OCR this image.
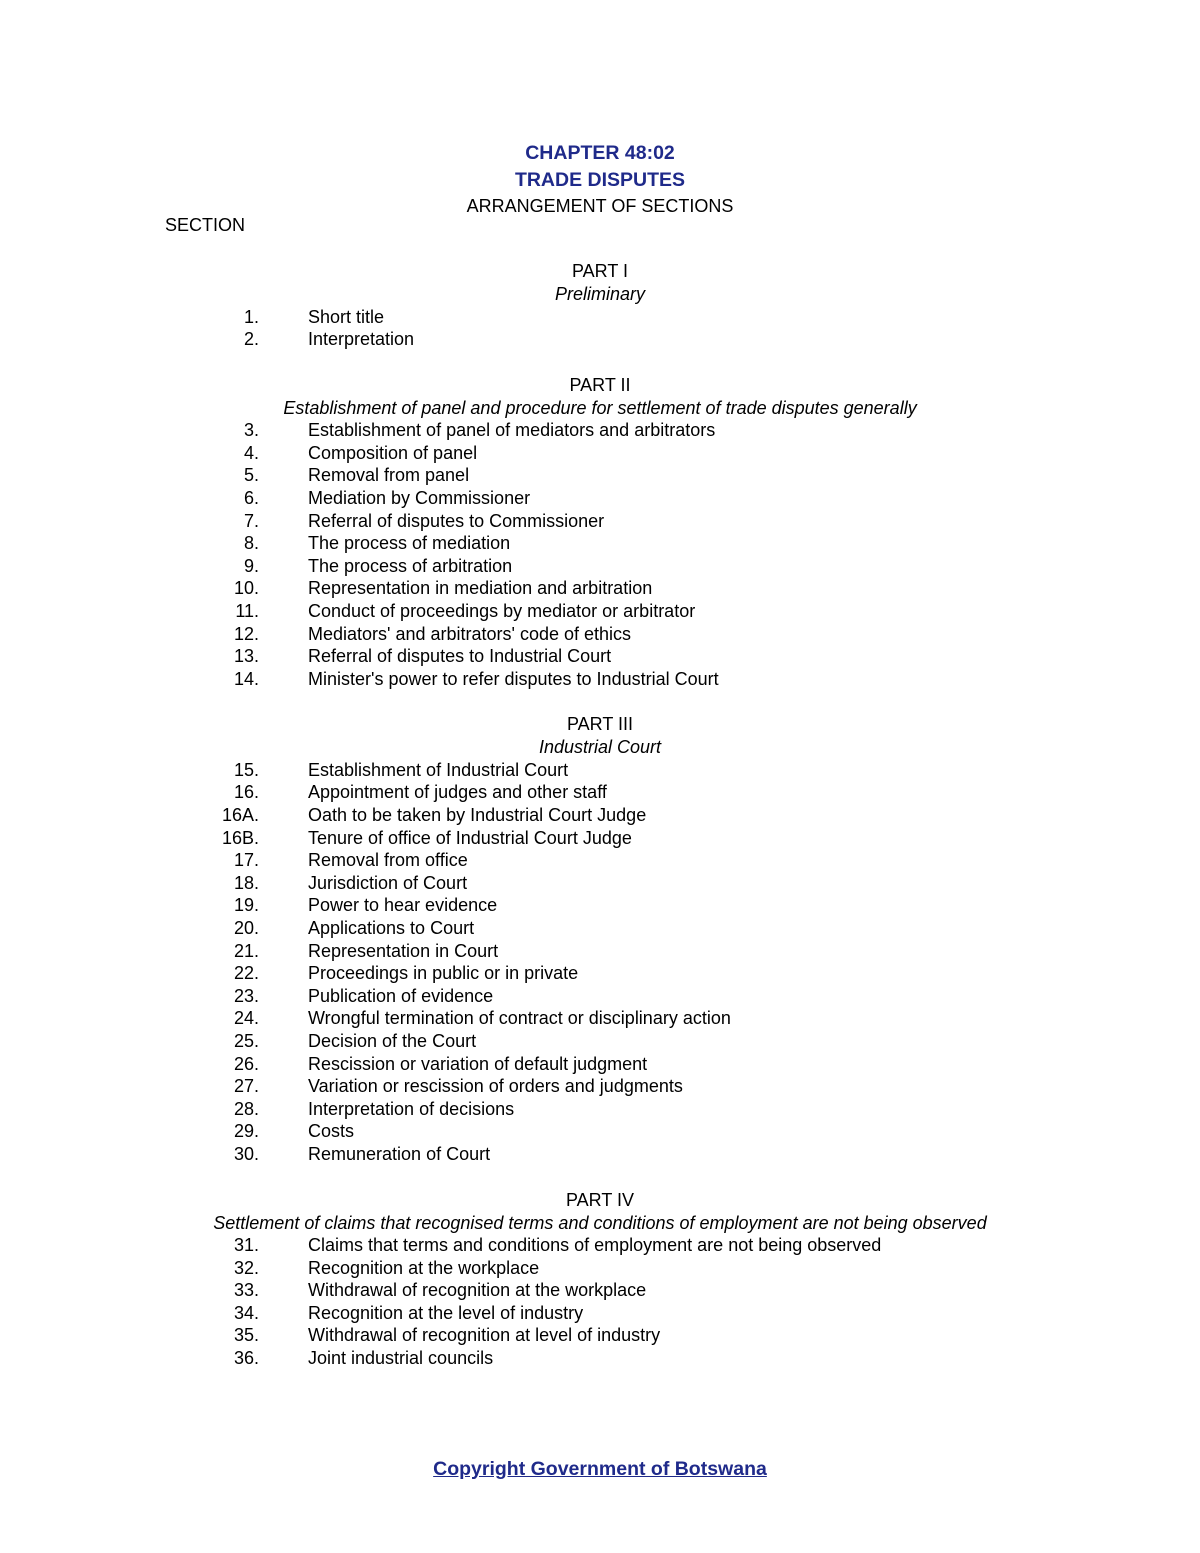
CHAPTER 48:02
TRADE DISPUTES
ARRANGEMENT OF SECTIONS
SECTION
PART I
Preliminary
1.	Short title
2.	Interpretation
PART II
Establishment of panel and procedure for settlement of trade disputes generally
3.	Establishment of panel of mediators and arbitrators
4.	Composition of panel
5.	Removal from panel
6.	Mediation by Commissioner
7.	Referral of disputes to Commissioner
8.	The process of mediation
9.	The process of arbitration
10.	Representation in mediation and arbitration
11.	Conduct of proceedings by mediator or arbitrator
12.	Mediators' and arbitrators' code of ethics
13.	Referral of disputes to Industrial Court
14.	Minister's power to refer disputes to Industrial Court
PART III
Industrial Court
15.	Establishment of Industrial Court
16.	Appointment of judges and other staff
16A.	Oath to be taken by Industrial Court Judge
16B.	Tenure of office of Industrial Court Judge
17.	Removal from office
18.	Jurisdiction of Court
19.	Power to hear evidence
20.	Applications to Court
21.	Representation in Court
22.	Proceedings in public or in private
23.	Publication of evidence
24.	Wrongful termination of contract or disciplinary action
25.	Decision of the Court
26.	Rescission or variation of default judgment
27.	Variation or rescission of orders and judgments
28.	Interpretation of decisions
29.	Costs
30.	Remuneration of Court
PART IV
Settlement of claims that recognised terms and conditions of employment are not being observed
31.	Claims that terms and conditions of employment are not being observed
32.	Recognition at the workplace
33.	Withdrawal of recognition at the workplace
34.	Recognition at the level of industry
35.	Withdrawal of recognition at level of industry
36.	Joint industrial councils
Copyright Government of Botswana
